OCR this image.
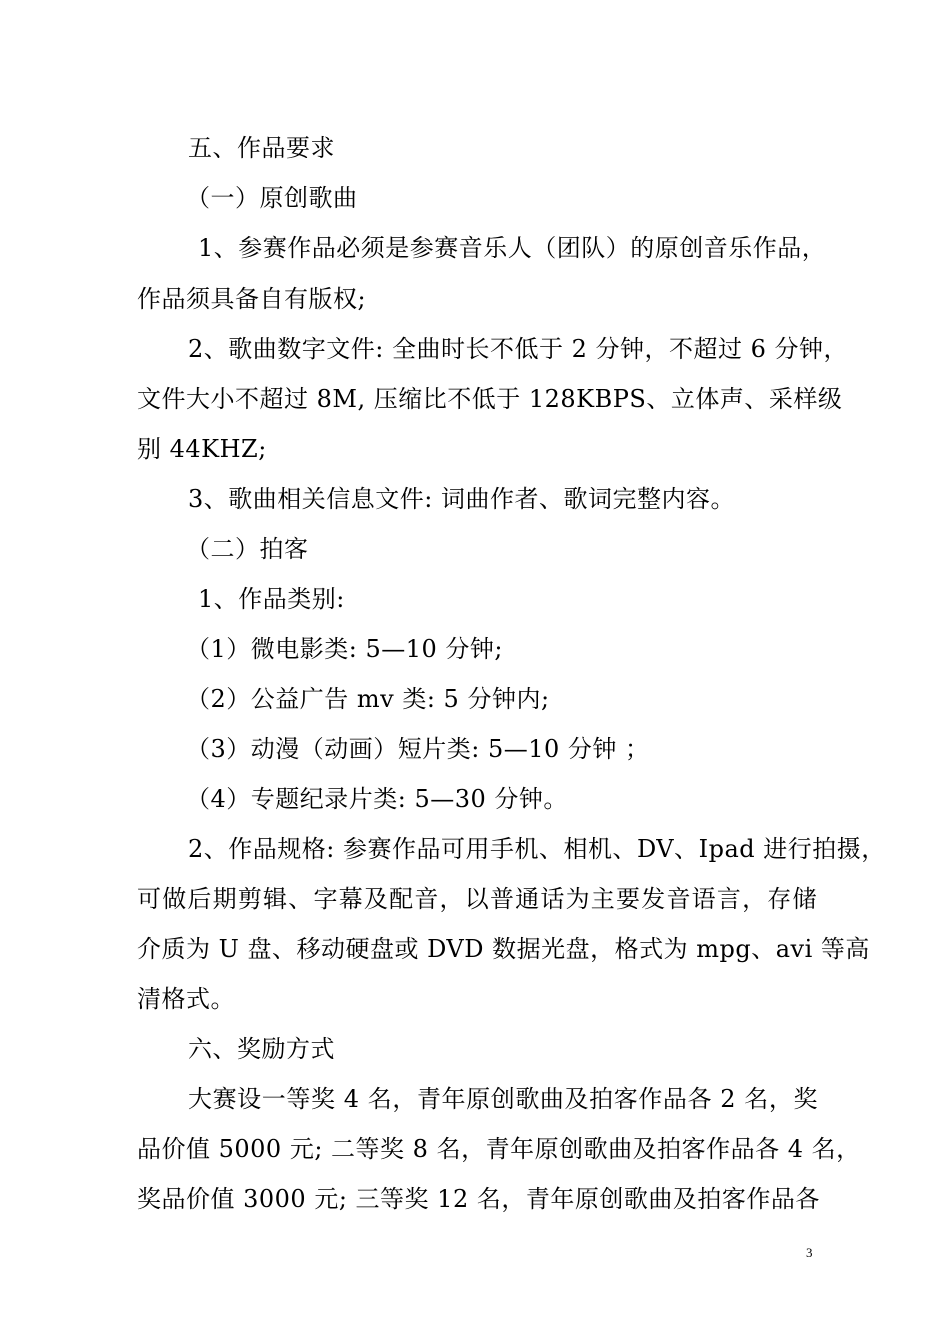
五、作品要求
（一）原创歌曲
1、参赛作品必须是参赛音乐人（团队）的原创音乐作品，
作品须具备自有版权;
2、歌曲数字文件: 全曲时长不低于 2 分钟，不超过 6 分钟，
文件大小不超过 8M, 压缩比不低于 128KBPS、立体声、采样级
别 44KHZ;
3、歌曲相关信息文件: 词曲作者、歌词完整内容。
（二）拍客
1、作品类别:
（1）微电影类: 5—10 分钟;
（2）公益广告 mv 类: 5 分钟内;
（3）动漫（动画）短片类: 5—10 分钟 ；
（4）专题纪录片类: 5—30 分钟。
2、作品规格: 参赛作品可用手机、相机、DV、Ipad 进行拍摄，
可做后期剪辑、字幕及配音，以普通话为主要发音语言，存储
介质为 U 盘、移动硬盘或 DVD 数据光盘，格式为 mpg、avi 等高
清格式。
六、奖励方式
大赛设一等奖 4 名，青年原创歌曲及拍客作品各 2 名，奖
品价值 5000 元; 二等奖 8 名，青年原创歌曲及拍客作品各 4 名，
奖品价值 3000 元; 三等奖 12 名，青年原创歌曲及拍客作品各
3
